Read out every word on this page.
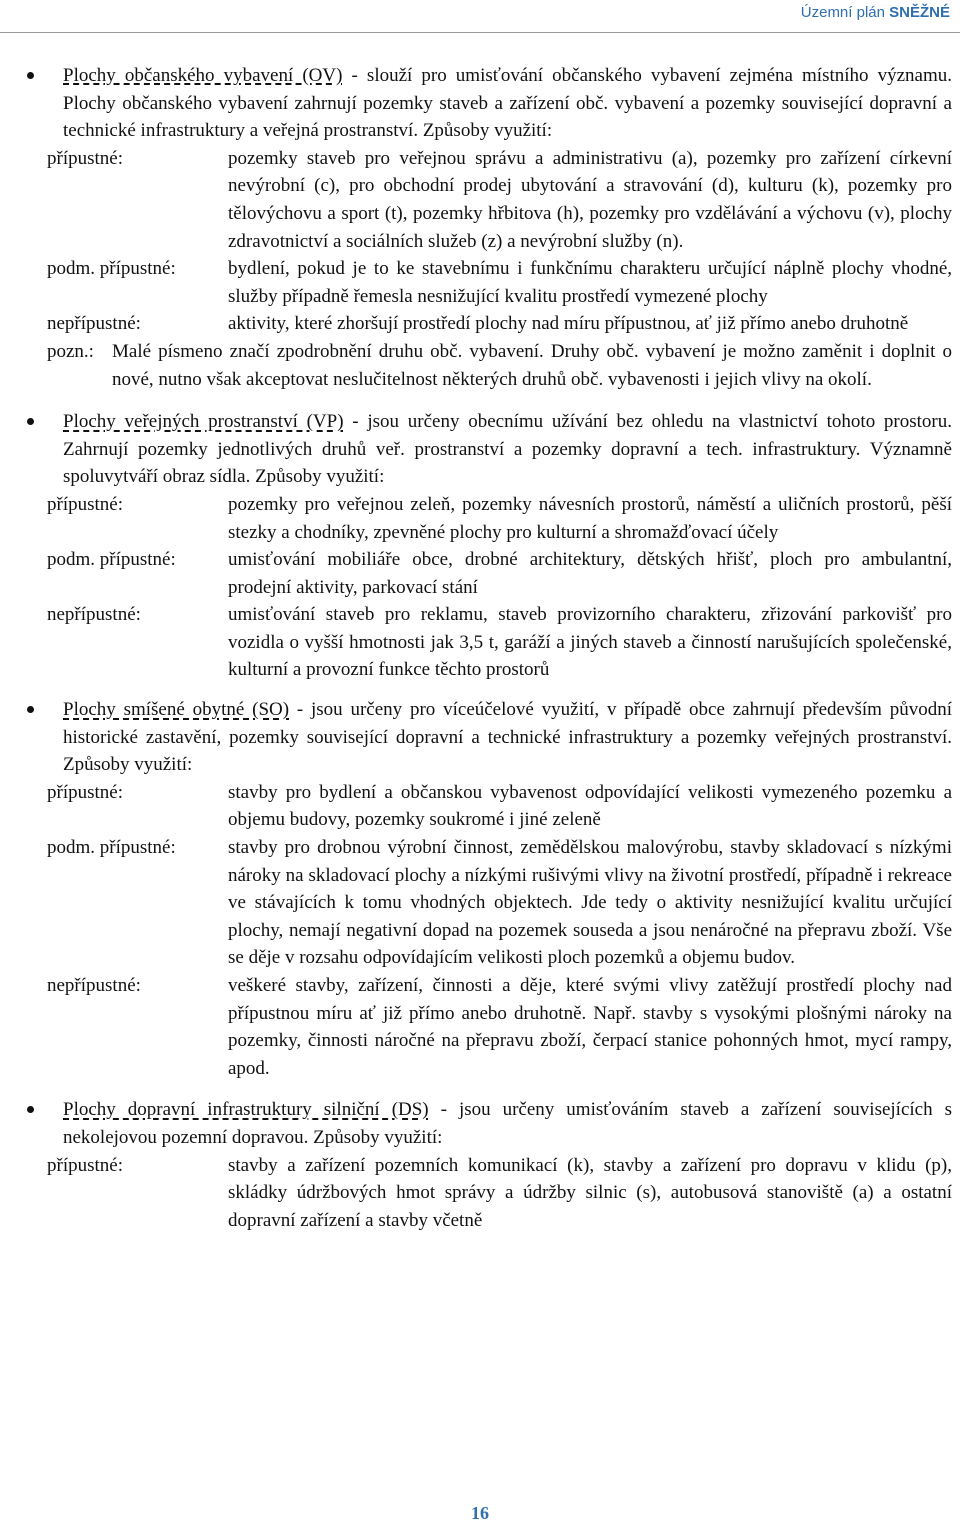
Územní plán SNĚŽNÉ
Plochy občanského vybavení (OV) - slouží pro umisťování občanského vybavení zejména místního významu. Plochy občanského vybavení zahrnují pozemky staveb a zařízení obč. vybavení a pozemky související dopravní a technické infrastruktury a veřejná prostranství. Způsoby využití:
přípustné:	pozemky staveb pro veřejnou správu a administrativu (a), pozemky pro zařízení církevní nevýrobní (c), pro obchodní prodej ubytování a stravování (d), kulturu (k), pozemky pro tělovýchovu a sport (t), pozemky hřbitova (h), pozemky pro vzdělávání a výchovu (v), plochy zdravotnictví a sociálních služeb (z) a nevýrobní služby (n).
podm. přípustné:	bydlení, pokud je to ke stavebnímu i funkčnímu charakteru určující náplně plochy vhodné, služby případně řemesla nesnižující kvalitu prostředí vymezené plochy
nepřípustné:	aktivity, které zhoršují prostředí plochy nad míru přípustnou, ať již přímo anebo druhotně
pozn.: Malé písmeno značí zpodrobnění druhu obč. vybavení. Druhy obč. vybavení je možno zaměnit i doplnit o nové, nutno však akceptovat neslučitelnost některých druhů obč. vybavenosti i jejich vlivy na okolí.
Plochy veřejných prostranství (VP) - jsou určeny obecnímu užívání bez ohledu na vlastnictví tohoto prostoru. Zahrnují pozemky jednotlivých druhů veř. prostranství a pozemky dopravní a tech. infrastruktury. Významně spoluvytváří obraz sídla. Způsoby využití:
přípustné:	pozemky pro veřejnou zeleň, pozemky návesních prostorů, náměstí a uličních prostorů, pěší stezky a chodníky, zpevněné plochy pro kulturní a shromažďovací účely
podm. přípustné:	umisťování mobiliáře obce, drobné architektury, dětských hřišť, ploch pro ambulantní, prodejní aktivity, parkovací stání
nepřípustné:	umisťování staveb pro reklamu, staveb provizorního charakteru, zřizování parkovišť pro vozidla o vyšší hmotnosti jak 3,5 t, garáží a jiných staveb a činností narušujících společenské, kulturní a provozní funkce těchto prostorů
Plochy smíšené obytné (SO) - jsou určeny pro víceúčelové využití, v případě obce zahrnují především původní historické zastavění, pozemky související dopravní a technické infrastruktury a pozemky veřejných prostranství. Způsoby využití:
přípustné:	stavby pro bydlení a občanskou vybavenost odpovídající velikosti vymezeného pozemku a objemu budovy, pozemky soukromé i jiné zeleně
podm. přípustné:	stavby pro drobnou výrobní činnost, zemědělskou malovýrobu, stavby skladovací s nízkými nároky na skladovací plochy a nízkými rušivými vlivy na životní prostředí, případně i rekreace ve stávajících k tomu vhodných objektech. Jde tedy o aktivity nesnižující kvalitu určující plochy, nemají negativní dopad na pozemek souseda a jsou nenáročné na přepravu zboží. Vše se děje v rozsahu odpovídajícím velikosti ploch pozemků a objemu budov.
nepřípustné:	veškeré stavby, zařízení, činnosti a děje, které svými vlivy zatěžují prostředí plochy nad přípustnou míru ať již přímo anebo druhotně. Např. stavby s vysokými plošnými nároky na pozemky, činnosti náročné na přepravu zboží, čerpací stanice pohonných hmot, mycí rampy, apod.
Plochy dopravní infrastruktury silniční (DS) - jsou určeny umisťováním staveb a zařízení souvisejících s nekolejovou pozemní dopravou. Způsoby využití:
přípustné:	stavby a zařízení pozemních komunikací (k), stavby a zařízení pro dopravu v klidu (p), skládky údržbových hmot správy a údržby silnic (s), autobusová stanoviště (a) a ostatní dopravní zařízení a stavby včetně
16
